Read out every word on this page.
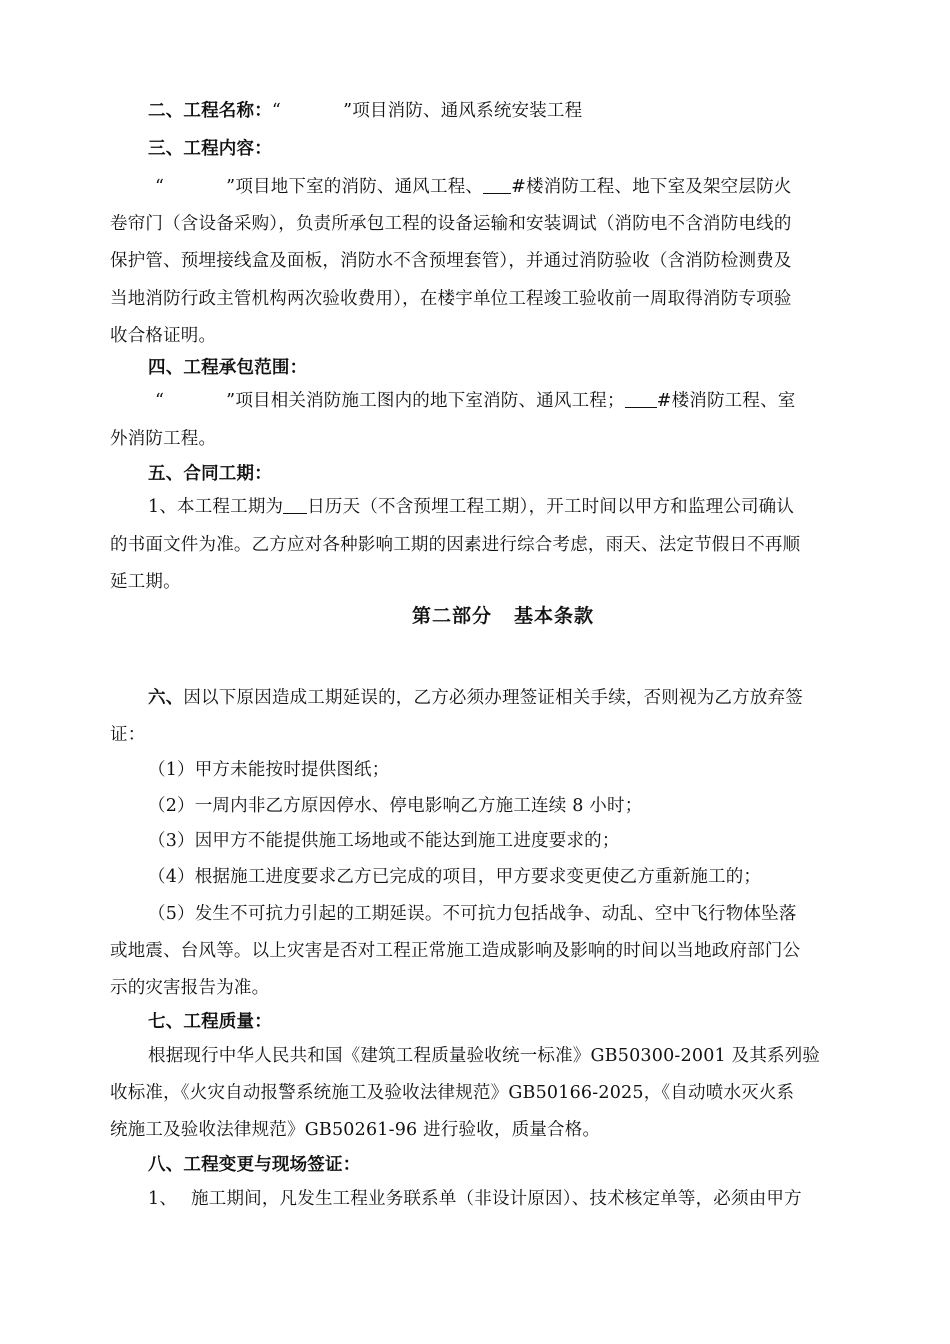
二、工程名称：“	”项目消防、通风系统安装工程
三、工程内容：
“	”项目地下室的消防、通风工程、 #楼消防工程、地下室及架空层防火
卷帘门（含设备采购），负责所承包工程的设备运输和安装调试（消防电不含消防电线的
保护管、预埋接线盒及面板，消防水不含预埋套管），并通过消防验收（含消防检测费及
当地消防行政主管机构两次验收费用），在楼宇单位工程竣工验收前一周取得消防专项验
收合格证明。
四、工程承包范围：
“	”项目相关消防施工图内的地下室消防、通风工程； #楼消防工程、室
外消防工程。
五、合同工期：
1、本工程工期为 日历天（不含预埋工程工期），开工时间以甲方和监理公司确认
的书面文件为准。乙方应对各种影响工期的因素进行综合考虑，雨天、法定节假日不再顺
延工期。
第二部分 基本条款
六、因以下原因造成工期延误的，乙方必须办理签证相关手续，否则视为乙方放弃签
证：
（1）甲方未能按时提供图纸；
（2）一周内非乙方原因停水、停电影响乙方施工连续 8 小时；
（3）因甲方不能提供施工场地或不能达到施工进度要求的；
（4）根据施工进度要求乙方已完成的项目，甲方要求变更使乙方重新施工的；
（5）发生不可抗力引起的工期延误。不可抗力包括战争、动乱、空中飞行物体坠落
或地震、台风等。以上灾害是否对工程正常施工造成影响及影响的时间以当地政府部门公
示的灾害报告为准。
七、工程质量：
根据现行中华人民共和国《建筑工程质量验收统一标准》GB50300-2001 及其系列验
收标准，《火灾自动报警系统施工及验收法律规范》GB50166-2025，《自动喷水灭火系
统施工及验收法律规范》GB50261-96 进行验收，质量合格。
八、工程变更与现场签证：
1、 施工期间，凡发生工程业务联系单（非设计原因）、技术核定单等，必须由甲方
